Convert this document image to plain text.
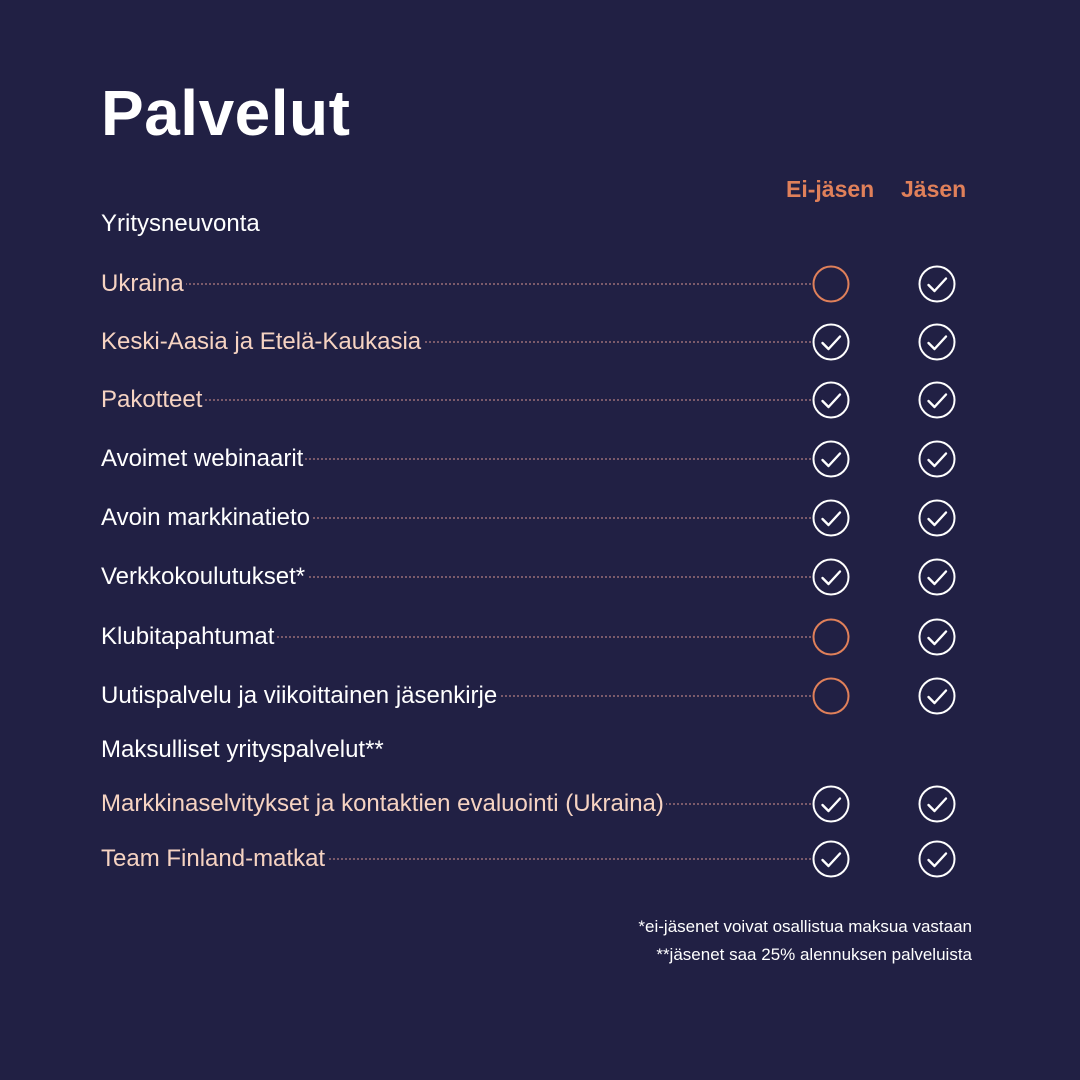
Palvelut
Ei-jäsen Jäsen
Yritysneuvonta
Ukraina
Keski-Aasia ja Etelä-Kaukasia
Pakotteet
Avoimet webinaarit
Avoin markkinatieto
Verkkokoulutukset*
Klubitapahtumat
Uutispalvelu ja viikoittainen jäsenkirje
Maksulliset yrityspalvelut**
Markkinaselvitykset ja kontaktien evaluointi (Ukraina)
Team Finland-matkat
*ei-jäsenet voivat osallistua maksua vastaan
**jäsenet saa 25% alennuksen palveluista
